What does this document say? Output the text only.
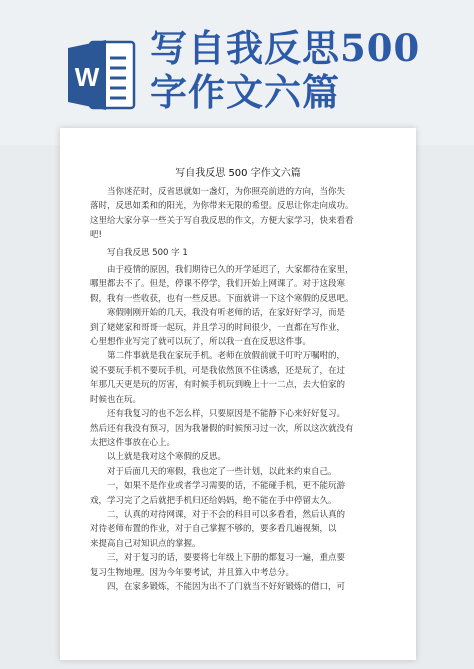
W
写自我反思500
字作文六篇
写自我反思 500 字作文六篇
当你迷茫时，反省思就如一盏灯，为你照亮前进的方向，当你失
落时，反思如柔和的阳光，为你带来无限的希望。反思让你走向成功。
这里给大家分享一些关于写自我反思的作文，方便大家学习，快来看看
吧!
写自我反思 500 字 1
由于疫情的原因，我们期待已久的开学延迟了，大家都待在家里，
哪里都去不了。但是，停课不停学，我们开始上网课了。对于这段寒
假，我有一些收获，也有一些反思。下面就讲一下这个寒假的反思吧。
寒假刚刚开始的几天，我没有听老师的话，在家好好学习，而是
到了姥姥家和哥哥一起玩，并且学习的时间很少，一直都在写作业，
心里想作业写完了就可以玩了，所以我一直在反思这件事。
第二件事就是我在家玩手机。老师在放假前就千叮咛万嘱咐的，
说不要玩手机不要玩手机，可是我依然顶不住诱惑，还是玩了，在过
年那几天更是玩的厉害，有时候手机玩到晚上十一二点，去大伯家的
时候也在玩。
还有我复习的也不怎么样，只要原因是不能静下心来好好复习。
然后还有我没有预习，因为我暑假的时候预习过一次，所以这次就没有
太把这件事放在心上。
以上就是我对这个寒假的反思。
对于后面几天的寒假，我也定了一些计划，以此来约束自己。
一，如果不是作业或者学习需要的话，不能碰手机，更不能玩游
戏，学习完了之后就把手机归还给妈妈，绝不能在手中停留太久。
二，认真的对待网课，对于不会的科目可以多看看，然后认真的
对待老师布置的作业，对于自己掌握不够的，要多看几遍视频，以
来提高自己对知识点的掌握。
三，对于复习的话，要要将七年级上下册的都复习一遍，重点要
复习生物地理。因为今年要考试，并且算入中考总分。
四，在家多锻炼，不能因为出不了门就当不好好锻炼的借口，可
